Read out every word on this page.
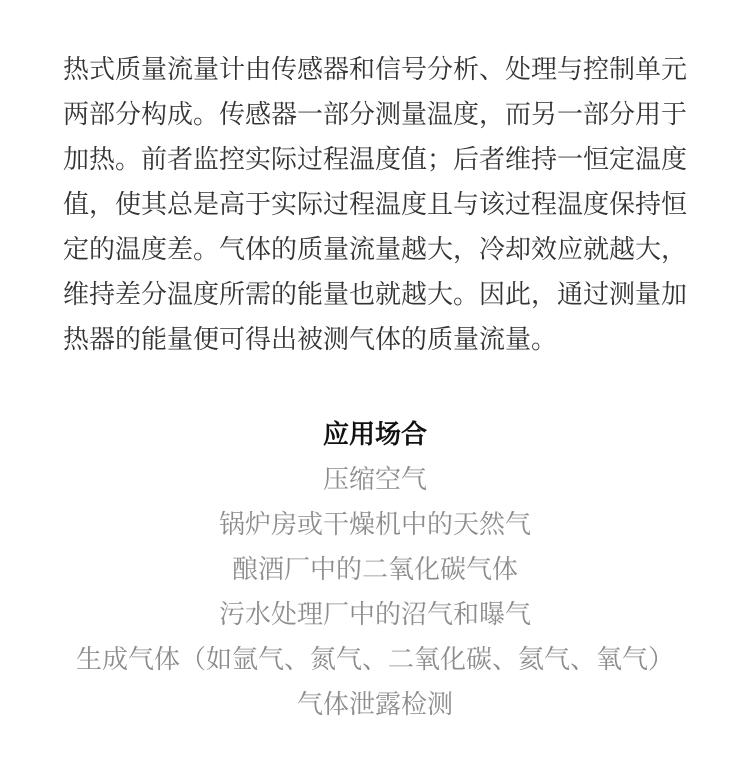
热式质量流量计由传感器和信号分析、处理与控制单元两部分构成。传感器一部分测量温度，而另一部分用于加热。前者监控实际过程温度值；后者维持一恒定温度值，使其总是高于实际过程温度且与该过程温度保持恒定的温度差。气体的质量流量越大，冷却效应就越大，维持差分温度所需的能量也就越大。因此，通过测量加热器的能量便可得出被测气体的质量流量。

应用场合
压缩空气
锅炉房或干燥机中的天然气
酿酒厂中的二氧化碳气体
污水处理厂中的沼气和曝气
生成气体（如氩气、氮气、二氧化碳、氦气、氧气）
气体泄露检测
